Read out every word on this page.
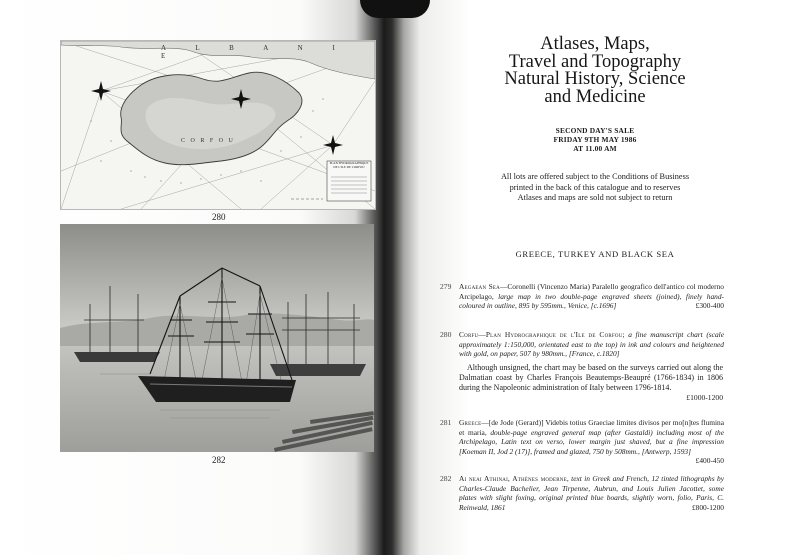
A L B A N I E
C O R F O U
PLAN HYDROGRAPHIQUE DE L'ILE DE CORFOU
280
282
Atlases, Maps,
Travel and Topography
Natural History, Science
and Medicine
SECOND DAY'S SALE
FRIDAY 9TH MAY 1986
AT 11.00 AM
All lots are offered subject to the Conditions of Business
printed in the back of this catalogue and to reserves
Atlases and maps are sold not subject to return
GREECE, TURKEY AND BLACK SEA
279	Aegaean Sea—Coronelli (Vincenzo Maria) Paralello geografico dell'antico col moderno Arcipelago, large map in two double-page engraved sheets (joined), finely hand-coloured in outline, 895 by 595mm., Venice, [c.1696]	£300-400
280	Corfu—Plan Hydrographique de l'Ile de Corfou; a fine manuscript chart (scale approximately 1:150,000, orientated east to the top) in ink and colours and heightened with gold, on paper, 507 by 980mm., [France, c.1820]
Although unsigned, the chart may be based on the surveys carried out along the Dalmatian coast by Charles François Beautemps-Beaupré (1766-1834) in 1806 during the Napoleonic administration of Italy between 1796-1814.
£1000-1200
281	Greece—[de Jode (Gerard)] Videbis totius Graeciae limites divisos per mo[n]tes flumina et maria, double-page engraved general map (after Gastaldi) including most of the Archipelago, Latin text on verso, lower margin just shaved, but a fine impression [Koeman II, Jod 2 (17)], framed and glazed, 750 by 508mm., [Antwerp, 1593]
£400-450
282	Ai neai Athinai, Athènes moderne, text in Greek and French, 12 tinted lithographs by Charles-Claude Bachelier, Jean Tirpenne, Aubrun, and Louis Julien Jacottet, some plates with slight foxing, original printed blue boards, slightly worn, folio, Paris, C. Reinwald, 1861	£800-1200
